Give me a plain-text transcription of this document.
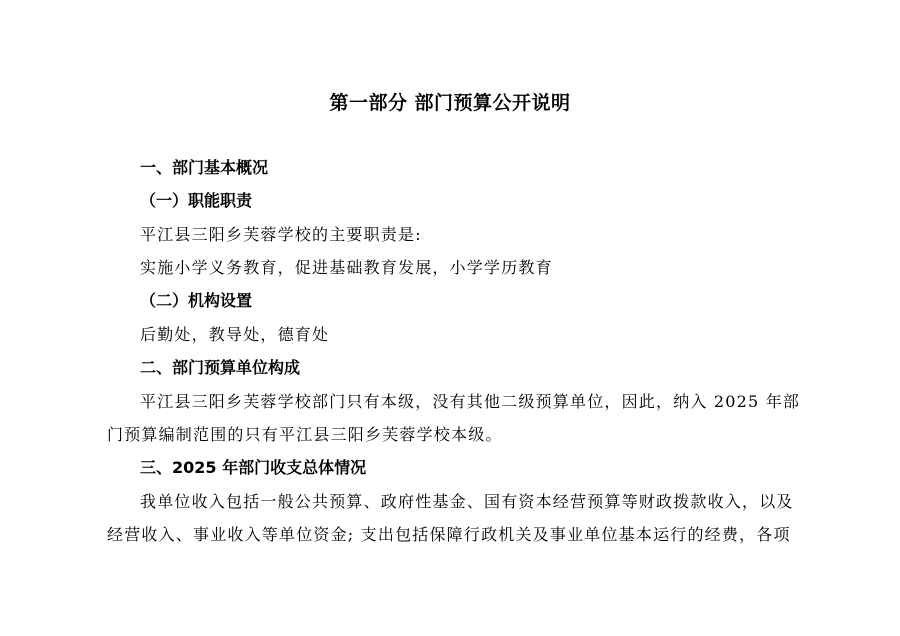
第一部分 部门预算公开说明
一、部门基本概况
（一）职能职责
平江县三阳乡芙蓉学校的主要职责是:
实施小学义务教育，促进基础教育发展，小学学历教育
（二）机构设置
后勤处，教导处，德育处
二、部门预算单位构成
平江县三阳乡芙蓉学校部门只有本级，没有其他二级预算单位，因此，纳入 2025 年部
门预算编制范围的只有平江县三阳乡芙蓉学校本级。
三、2025 年部门收支总体情况
我单位收入包括一般公共预算、政府性基金、国有资本经营预算等财政拨款收入，以及
经营收入、事业收入等单位资金; 支出包括保障行政机关及事业单位基本运行的经费，各项
